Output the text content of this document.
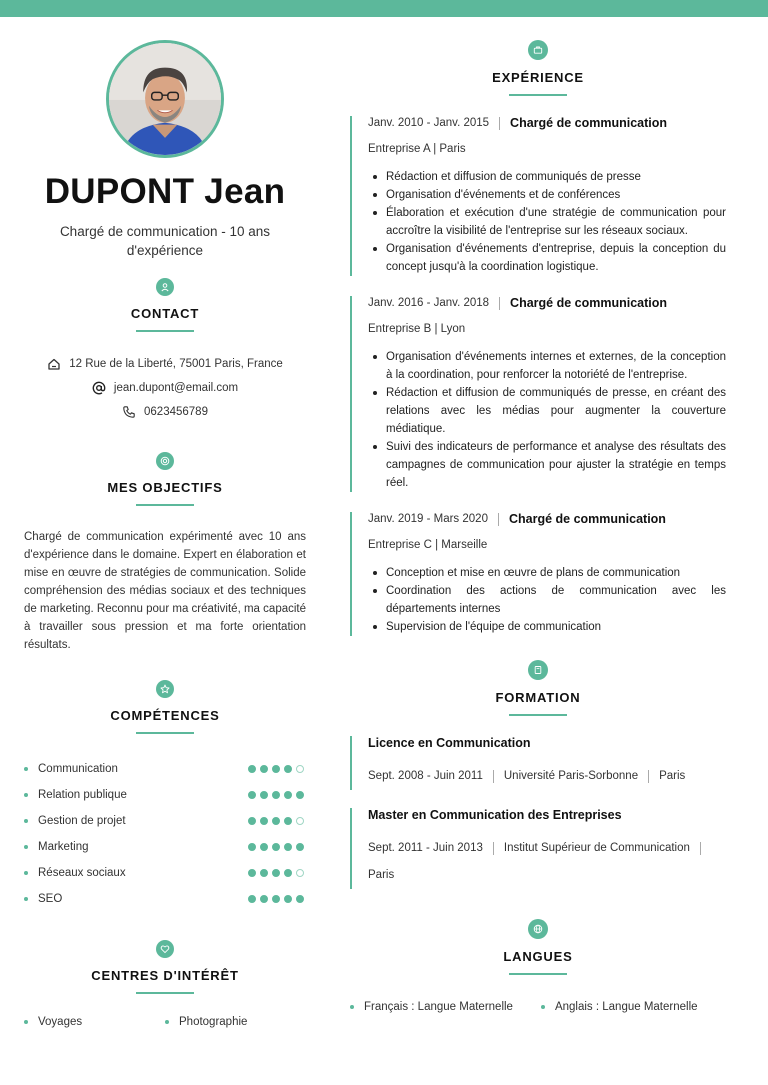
DUPONT Jean
Chargé de communication - 10 ans d'expérience
CONTACT
12 Rue de la Liberté, 75001 Paris, France
jean.dupont@email.com
0623456789
MES OBJECTIFS
Chargé de communication expérimenté avec 10 ans d'expérience dans le domaine. Expert en élaboration et mise en œuvre de stratégies de communication. Solide compréhension des médias sociaux et des techniques de marketing. Reconnu pour ma créativité, ma capacité à travailler sous pression et ma forte orientation résultats.
COMPÉTENCES
Communication
Relation publique
Gestion de projet
Marketing
Réseaux sociaux
SEO
CENTRES D'INTÉRÊT
Voyages	Photographie
EXPÉRIENCE
Janv. 2010 - Janv. 2015 Chargé de communication
Entreprise A | Paris
Rédaction et diffusion de communiqués de presse
Organisation d'événements et de conférences
Élaboration et exécution d'une stratégie de communication pour accroître la visibilité de l'entreprise sur les réseaux sociaux.
Organisation d'événements d'entreprise, depuis la conception du concept jusqu'à la coordination logistique.
Janv. 2016 - Janv. 2018 Chargé de communication
Entreprise B | Lyon
Organisation d'événements internes et externes, de la conception à la coordination, pour renforcer la notoriété de l'entreprise.
Rédaction et diffusion de communiqués de presse, en créant des relations avec les médias pour augmenter la couverture médiatique.
Suivi des indicateurs de performance et analyse des résultats des campagnes de communication pour ajuster la stratégie en temps réel.
Janv. 2019 - Mars 2020 Chargé de communication
Entreprise C | Marseille
Conception et mise en œuvre de plans de communication
Coordination des actions de communication avec les départements internes
Supervision de l'équipe de communication
FORMATION
Licence en Communication
Sept. 2008 - Juin 2011 Université Paris-Sorbonne Paris
Master en Communication des Entreprises
Sept. 2011 - Juin 2013 Institut Supérieur de Communication
Paris
LANGUES
Français : Langue Maternelle	Anglais : Langue Maternelle
